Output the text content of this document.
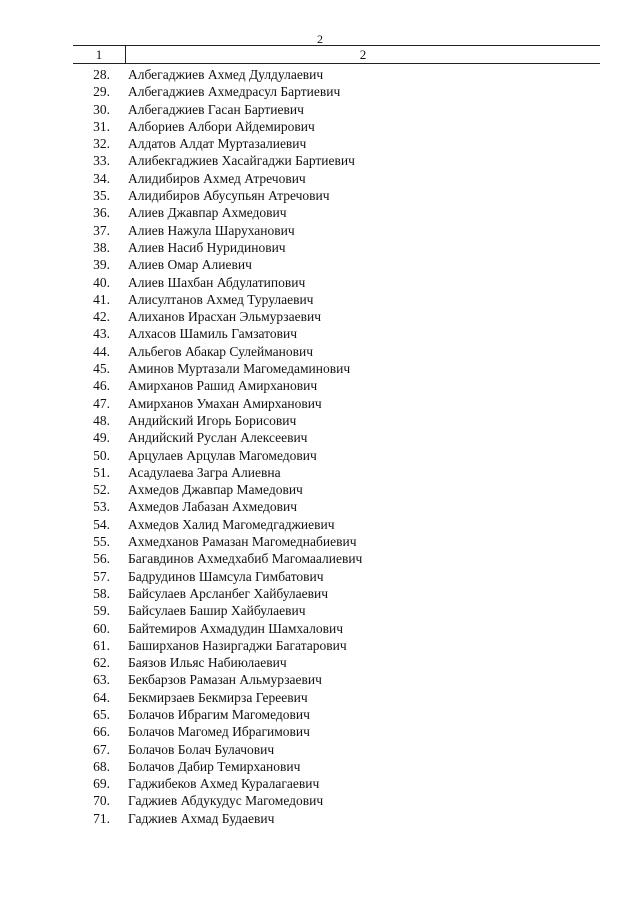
2
1	2
28. Албегаджиев Ахмед Дулдулаевич
29. Албегаджиев Ахмедрасул Бартиевич
30. Албегаджиев Гасан Бартиевич
31. Албориев Албори Айдемирович
32. Алдатов Алдат Муртазалиевич
33. Алибекгаджиев Хасайгаджи Бартиевич
34. Алидибиров Ахмед Атречович
35. Алидибиров Абусупьян Атречович
36. Алиев Джавпар Ахмедович
37. Алиев Нажула Шаруханович
38. Алиев Насиб Нуридинович
39. Алиев Омар Алиевич
40. Алиев Шахбан Абдулатипович
41. Алисултанов Ахмед Турулаевич
42. Алиханов Ирасхан Эльмурзаевич
43. Алхасов Шамиль Гамзатович
44. Альбегов Абакар Сулейманович
45. Аминов Муртазали Магомедаминович
46. Амирханов Рашид Амирханович
47. Амирханов Умахан Амирханович
48. Андийский Игорь Борисович
49. Андийский Руслан Алексеевич
50. Арцулаев Арцулав Магомедович
51. Асадулаева Загра Алиевна
52. Ахмедов Джавпар Мамедович
53. Ахмедов Лабазан Ахмедович
54. Ахмедов Халид Магомедгаджиевич
55. Ахмедханов Рамазан Магомеднабиевич
56. Багавдинов Ахмедхабиб Магомаалиевич
57. Бадрудинов Шамсула Гимбатович
58. Байсулаев Арсланбег Хайбулаевич
59. Байсулаев Башир Хайбулаевич
60. Байтемиров Ахмадудин Шамхалович
61. Баширханов Назиргаджи Багатарович
62. Баязов Ильяс Набиюлаевич
63. Бекбарзов Рамазан Альмурзаевич
64. Бекмирзаев Бекмирза Гереевич
65. Болачов Ибрагим Магомедович
66. Болачов Магомед Ибрагимович
67. Болачов Болач Булачович
68. Болачов Дабир Темирханович
69. Гаджибеков Ахмед Куралагаевич
70. Гаджиев Абдукудус Магомедович
71. Гаджиев Ахмад Будаевич
